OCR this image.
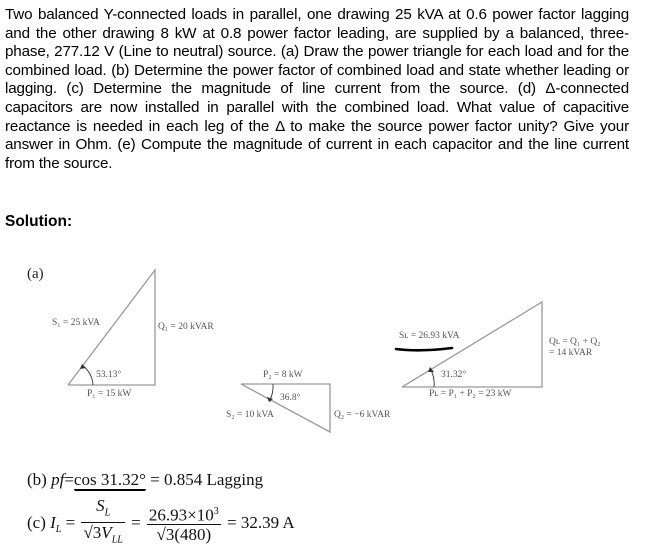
Two balanced Y-connected loads in parallel, one drawing 25 kVA at 0.6 power factor lagging and the other drawing 8 kW at 0.8 power factor leading, are supplied by a balanced, three-phase, 277.12 V (Line to neutral) source. (a) Draw the power triangle for each load and for the combined load. (b) Determine the power factor of combined load and state whether leading or lagging. (c) Determine the magnitude of line current from the source. (d) Δ-connected capacitors are now installed in parallel with the combined load. What value of capacitive reactance is needed in each leg of the Δ to make the source power factor unity? Give your answer in Ohm. (e) Compute the magnitude of current in each capacitor and the line current from the source.
Solution:
(a)
S₁ = 25 kVA	Q₁ = 20 kVAR
P₁ = 15 kW
53.13°	P₂ = 8 kW
36.8°
S₂ = 10 kVA	Q₂ = −6 kVAR
Sʟ = 26.93 kVA
31.32°
Pʟ = P₁ + P₂ = 23 kW
Qʟ = Q₁ + Q₂
= 14 kVAR
(b) pf=cos 31.32° = 0.854 Lagging
(c) $I_L = \frac{S_L}{√3V_{LL}} = \frac{26.93\times 10^3}{√3(480)} = 32.39$ A
